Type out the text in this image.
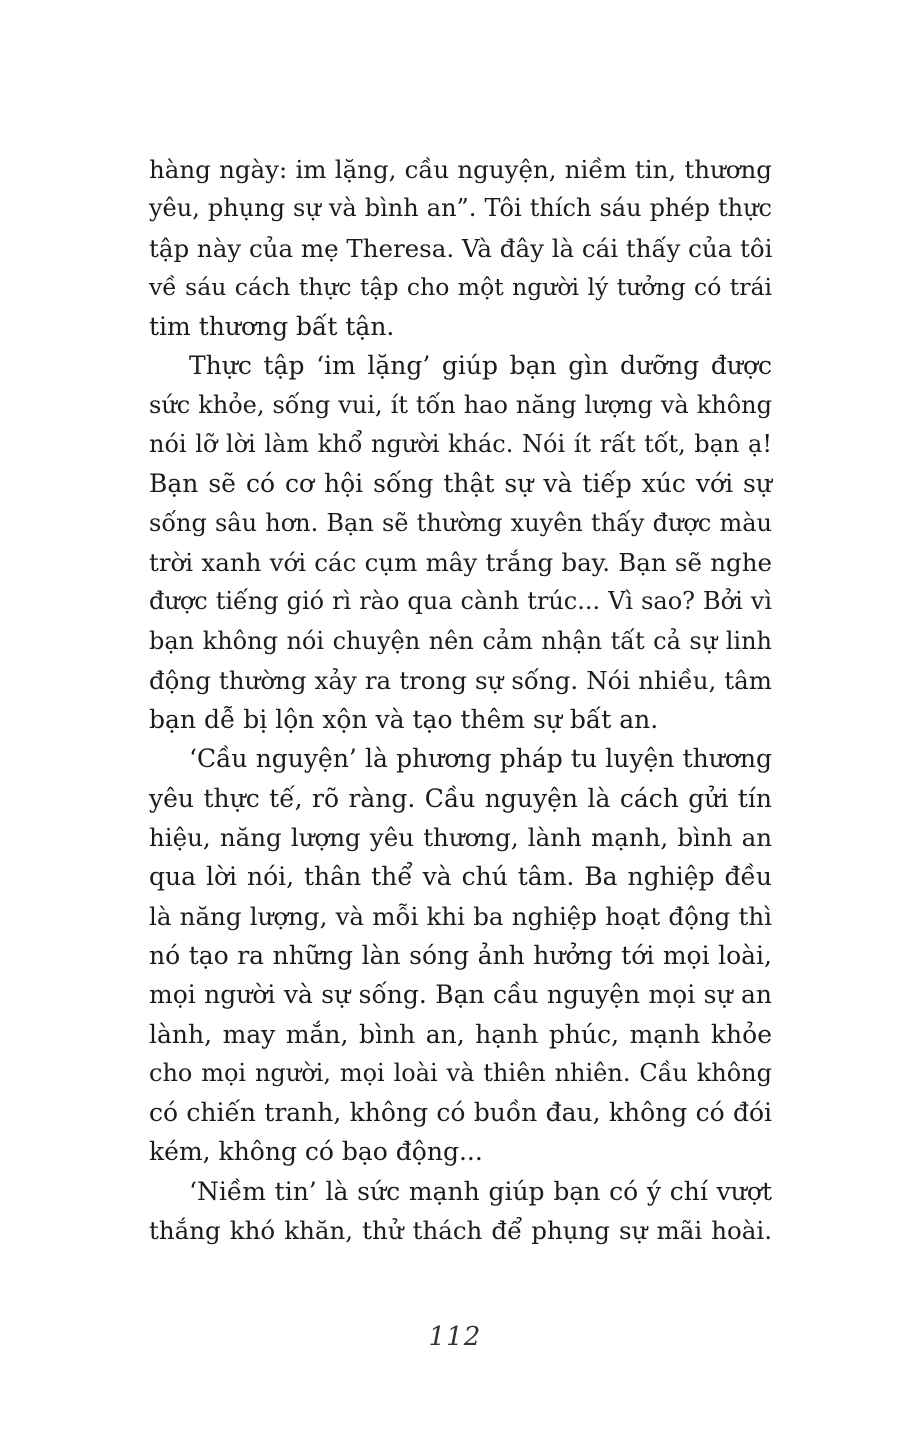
hàng ngày: im lặng, cầu nguyện, niềm tin, thương
yêu, phụng sự và bình an”. Tôi thích sáu phép thực
tập này của mẹ Theresa. Và đây là cái thấy của tôi
về sáu cách thực tập cho một người lý tưởng có trái
tim thương bất tận.
Thực tập ‘im lặng’ giúp bạn gìn dưỡng được
sức khỏe, sống vui, ít tốn hao năng lượng và không
nói lỡ lời làm khổ người khác. Nói ít rất tốt, bạn ạ!
Bạn sẽ có cơ hội sống thật sự và tiếp xúc với sự
sống sâu hơn. Bạn sẽ thường xuyên thấy được màu
trời xanh với các cụm mây trắng bay. Bạn sẽ nghe
được tiếng gió rì rào qua cành trúc... Vì sao? Bởi vì
bạn không nói chuyện nên cảm nhận tất cả sự linh
động thường xảy ra trong sự sống. Nói nhiều, tâm
bạn dễ bị lộn xộn và tạo thêm sự bất an.
‘Cầu nguyện’ là phương pháp tu luyện thương
yêu thực tế, rõ ràng. Cầu nguyện là cách gửi tín
hiệu, năng lượng yêu thương, lành mạnh, bình an
qua lời nói, thân thể và chú tâm. Ba nghiệp đều
là năng lượng, và mỗi khi ba nghiệp hoạt động thì
nó tạo ra những làn sóng ảnh hưởng tới mọi loài,
mọi người và sự sống. Bạn cầu nguyện mọi sự an
lành, may mắn, bình an, hạnh phúc, mạnh khỏe
cho mọi người, mọi loài và thiên nhiên. Cầu không
có chiến tranh, không có buồn đau, không có đói
kém, không có bạo động...
‘Niềm tin’ là sức mạnh giúp bạn có ý chí vượt
thắng khó khăn, thử thách để phụng sự mãi hoài.
112
